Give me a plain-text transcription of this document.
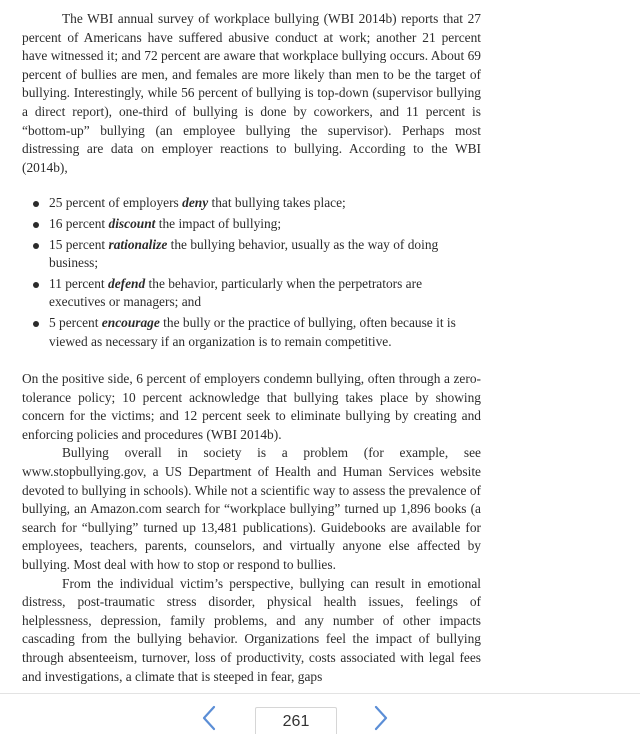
The WBI annual survey of workplace bullying (WBI 2014b) reports that 27 percent of Americans have suffered abusive conduct at work; another 21 percent have witnessed it; and 72 percent are aware that workplace bullying occurs. About 69 percent of bullies are men, and females are more likely than men to be the target of bullying. Interestingly, while 56 percent of bullying is top-down (supervisor bullying a direct report), one-third of bullying is done by coworkers, and 11 percent is “bottom-up” bullying (an employee bullying the supervisor). Perhaps most distressing are data on employer reactions to bullying. According to the WBI (2014b),

25 percent of employers deny that bullying takes place;
16 percent discount the impact of bullying;
15 percent rationalize the bullying behavior, usually as the way of doing business;
11 percent defend the behavior, particularly when the perpetrators are executives or managers; and
5 percent encourage the bully or the practice of bullying, often because it is viewed as necessary if an organization is to remain competitive.

On the positive side, 6 percent of employers condemn bullying, often through a zero-tolerance policy; 10 percent acknowledge that bullying takes place by showing concern for the victims; and 12 percent seek to eliminate bullying by creating and enforcing policies and procedures (WBI 2014b).

Bullying overall in society is a problem (for example, see www.stopbullying.gov, a US Department of Health and Human Services website devoted to bullying in schools). While not a scientific way to assess the prevalence of bullying, an Amazon.com search for “workplace bullying” turned up 1,896 books (a search for “bullying” turned up 13,481 publications). Guidebooks are available for employees, teachers, parents, counselors, and virtually anyone else affected by bullying. Most deal with how to stop or respond to bullies.

From the individual victim’s perspective, bullying can result in emotional distress, post-traumatic stress disorder, physical health issues, feelings of helplessness, depression, family problems, and any number of other impacts cascading from the bullying behavior. Organizations feel the impact of bullying through absenteeism, turnover, loss of productivity, costs associated with legal fees and investigations, a climate that is steeped in fear, gaps

261
